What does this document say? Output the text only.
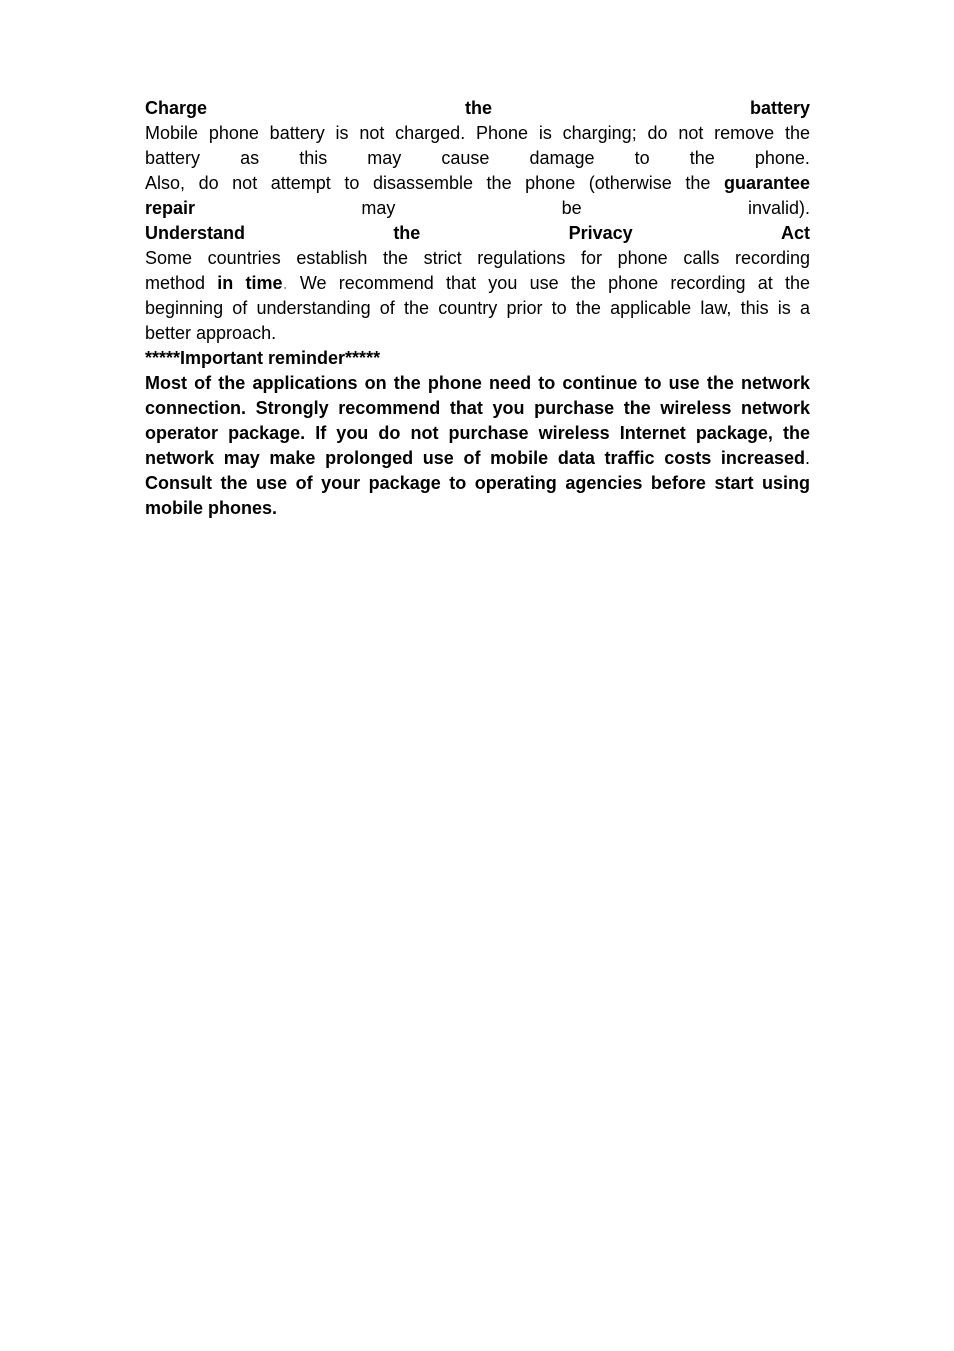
Charge	the	battery
Mobile phone battery is not charged. Phone is charging; do not remove the
battery as this may cause damage to the phone.
Also, do not attempt to disassemble the phone (otherwise the guarantee
repair	may	be	invalid).
Understand	the	Privacy	Act
Some countries establish the strict regulations for phone calls recording
method in time. We recommend that you use the phone recording at the
beginning of understanding of the country prior to the applicable law, this is a
better approach.
*****Important reminder*****
Most of the applications on the phone need to continue to use the network connection. Strongly recommend that you purchase the wireless network operator package. If you do not purchase wireless Internet package, the network may make prolonged use of mobile data traffic costs increased. Consult the use of your package to operating agencies before start using mobile phones.
